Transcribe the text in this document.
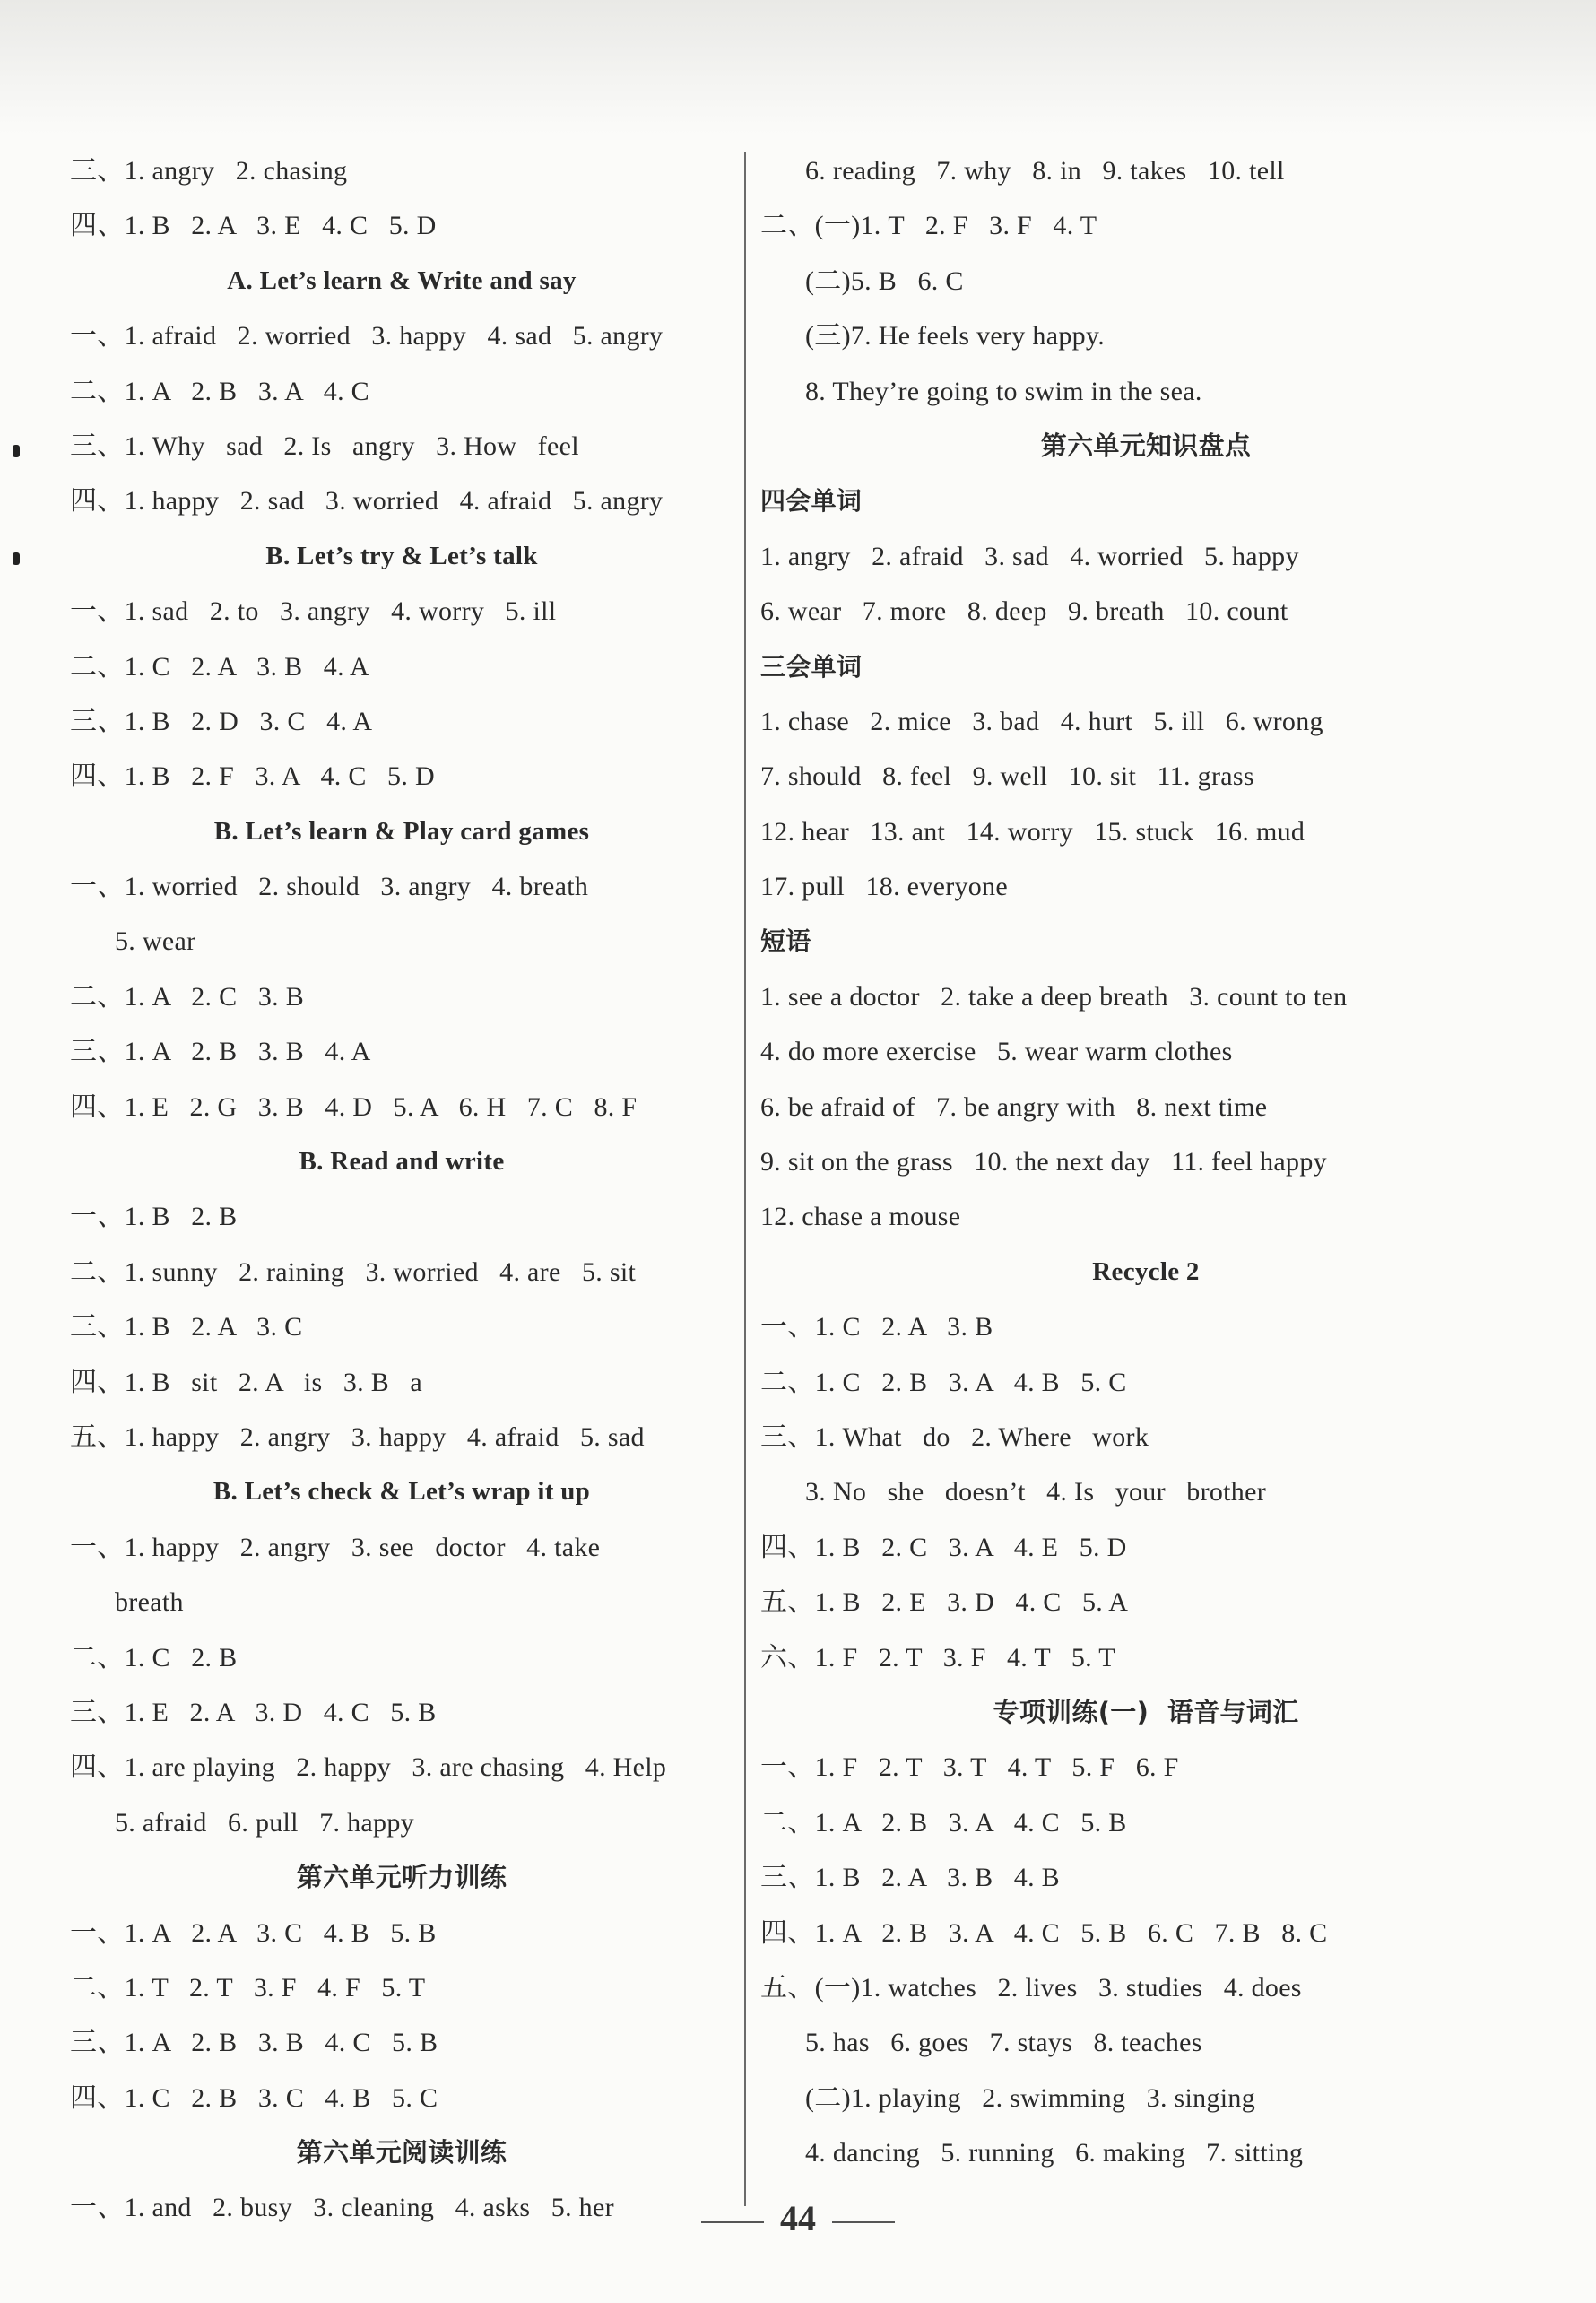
三、1. angry   2. chasing
四、1. B   2. A   3. E   4. C   5. D
A. Let’s learn & Write and say
一、1. afraid   2. worried   3. happy   4. sad   5. angry
二、1. A   2. B   3. A   4. C
三、1. Why   sad   2. Is   angry   3. How   feel
四、1. happy   2. sad   3. worried   4. afraid   5. angry
B. Let’s try & Let’s talk
一、1. sad   2. to   3. angry   4. worry   5. ill
二、1. C   2. A   3. B   4. A
三、1. B   2. D   3. C   4. A
四、1. B   2. F   3. A   4. C   5. D
B. Let’s learn & Play card games
一、1. worried   2. should   3. angry   4. breath
5. wear
二、1. A   2. C   3. B
三、1. A   2. B   3. B   4. A
四、1. E   2. G   3. B   4. D   5. A   6. H   7. C   8. F
B. Read and write
一、1. B   2. B
二、1. sunny   2. raining   3. worried   4. are   5. sit
三、1. B   2. A   3. C
四、1. B   sit   2. A   is   3. B   a
五、1. happy   2. angry   3. happy   4. afraid   5. sad
B. Let’s check & Let’s wrap it up
一、1. happy   2. angry   3. see   doctor   4. take
breath
二、1. C   2. B
三、1. E   2. A   3. D   4. C   5. B
四、1. are playing   2. happy   3. are chasing   4. Help
5. afraid   6. pull   7. happy
第六单元听力训练
一、1. A   2. A   3. C   4. B   5. B
二、1. T   2. T   3. F   4. F   5. T
三、1. A   2. B   3. B   4. C   5. B
四、1. C   2. B   3. C   4. B   5. C
第六单元阅读训练
一、1. and   2. busy   3. cleaning   4. asks   5. her
6. reading   7. why   8. in   9. takes   10. tell
二、(一)1. T   2. F   3. F   4. T
(二)5. B   6. C
(三)7. He feels very happy.
8. They’re going to swim in the sea.
第六单元知识盘点
四会单词
1. angry   2. afraid   3. sad   4. worried   5. happy
6. wear   7. more   8. deep   9. breath   10. count
三会单词
1. chase   2. mice   3. bad   4. hurt   5. ill   6. wrong
7. should   8. feel   9. well   10. sit   11. grass
12. hear   13. ant   14. worry   15. stuck   16. mud
17. pull   18. everyone
短语
1. see a doctor   2. take a deep breath   3. count to ten
4. do more exercise   5. wear warm clothes
6. be afraid of   7. be angry with   8. next time
9. sit on the grass   10. the next day   11. feel happy
12. chase a mouse
Recycle 2
一、1. C   2. A   3. B
二、1. C   2. B   3. A   4. B   5. C
三、1. What   do   2. Where   work
3. No   she   doesn’t   4. Is   your   brother
四、1. B   2. C   3. A   4. E   5. D
五、1. B   2. E   3. D   4. C   5. A
六、1. F   2. T   3. F   4. T   5. T
专项训练(一)  语音与词汇
一、1. F   2. T   3. T   4. T   5. F   6. F
二、1. A   2. B   3. A   4. C   5. B
三、1. B   2. A   3. B   4. B
四、1. A   2. B   3. A   4. C   5. B   6. C   7. B   8. C
五、(一)1. watches   2. lives   3. studies   4. does
5. has   6. goes   7. stays   8. teaches
(二)1. playing   2. swimming   3. singing
4. dancing   5. running   6. making   7. sitting
44
